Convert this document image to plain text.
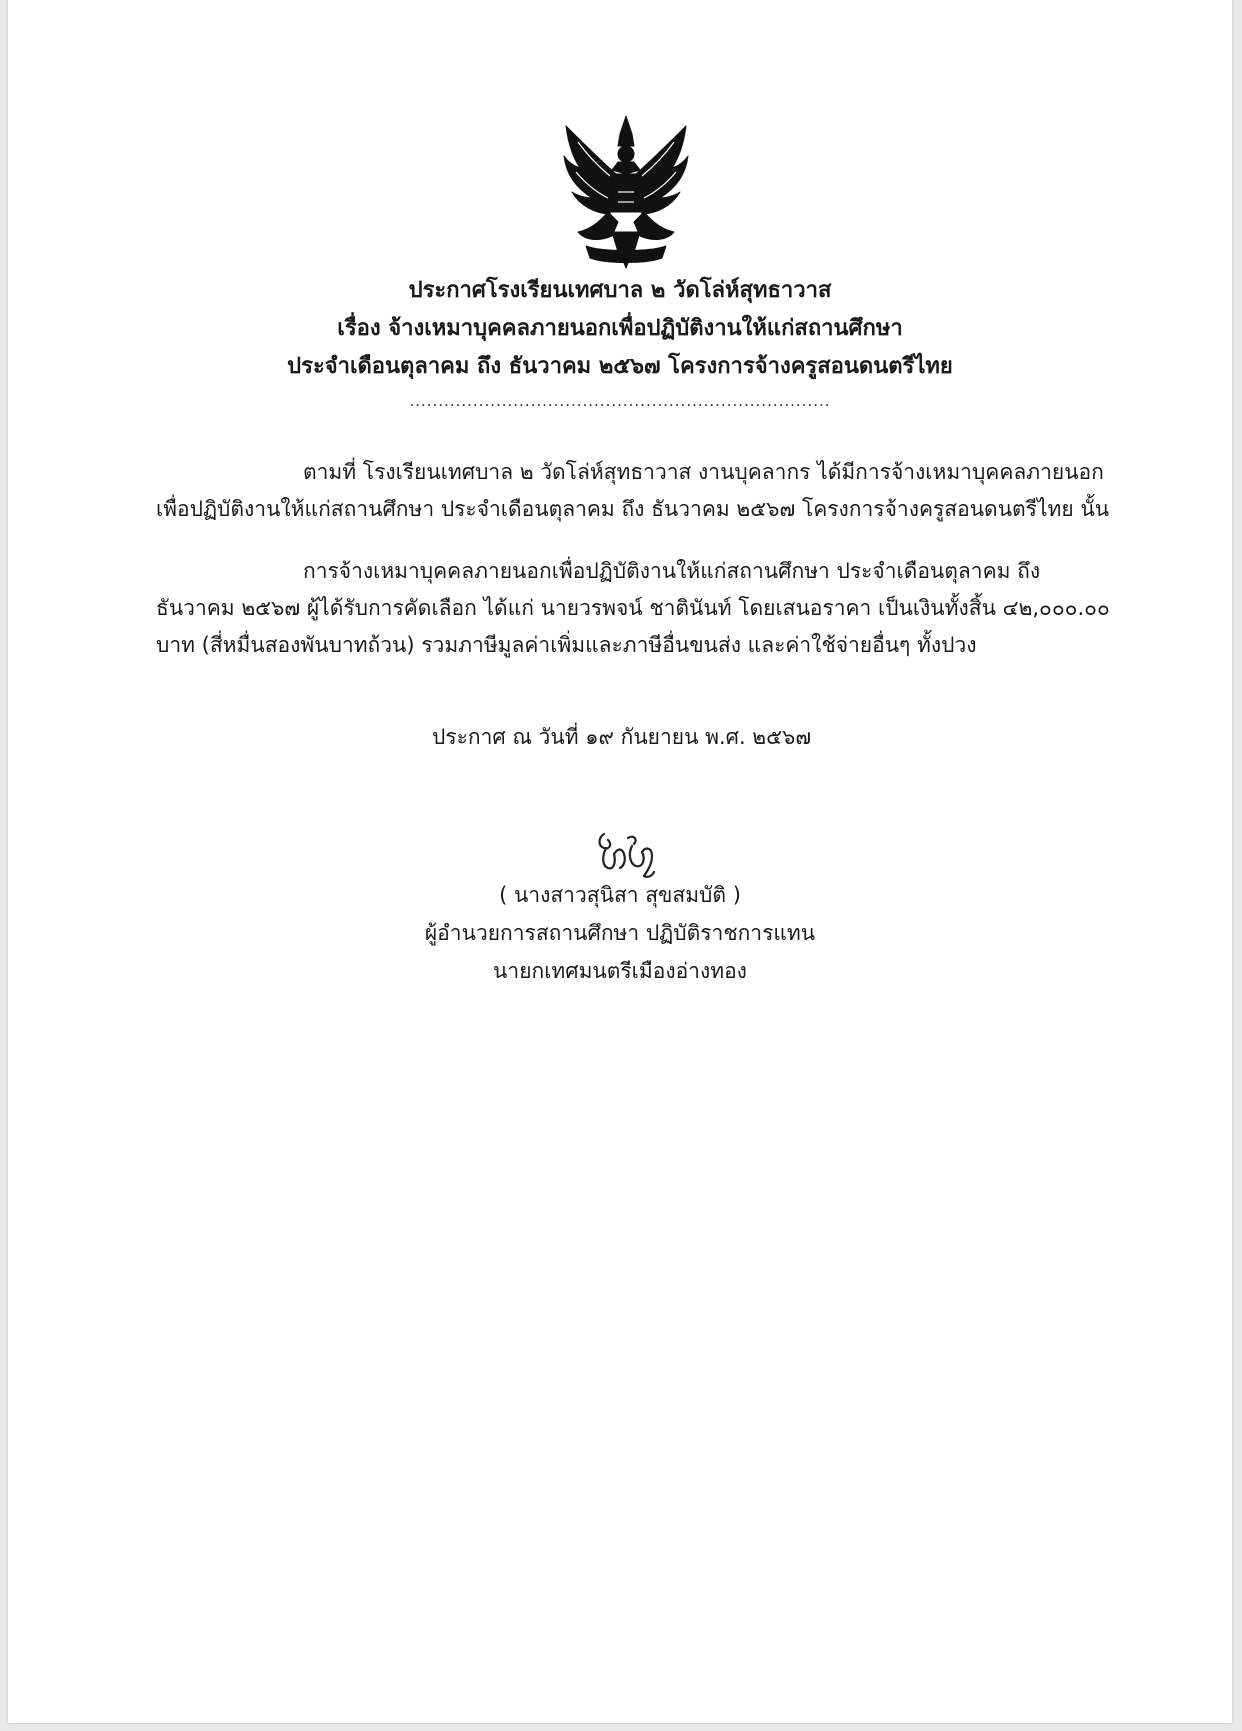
ประกาศโรงเรียนเทศบาล ๒ วัดโล่ห์สุทธาวาส
เรื่อง จ้างเหมาบุคคลภายนอกเพื่อปฏิบัติงานให้แก่สถานศึกษา
ประจำเดือนตุลาคม ถึง ธันวาคม ๒๕๖๗ โครงการจ้างครูสอนดนตรีไทย
.........................................................................
ตามที่ โรงเรียนเทศบาล ๒ วัดโล่ห์สุทธาวาส งานบุคลากร ได้มีการจ้างเหมาบุคคลภายนอก
เพื่อปฏิบัติงานให้แก่สถานศึกษา ประจำเดือนตุลาคม ถึง ธันวาคม ๒๕๖๗ โครงการจ้างครูสอนดนตรีไทย นั้น
การจ้างเหมาบุคคลภายนอกเพื่อปฏิบัติงานให้แก่สถานศึกษา ประจำเดือนตุลาคม ถึง
ธันวาคม ๒๕๖๗ ผู้ได้รับการคัดเลือก ได้แก่ นายวรพจน์ ชาตินันท์ โดยเสนอราคา เป็นเงินทั้งสิ้น ๔๒,๐๐๐.๐๐
บาท (สี่หมื่นสองพันบาทถ้วน) รวมภาษีมูลค่าเพิ่มและภาษีอื่นขนส่ง และค่าใช้จ่ายอื่นๆ ทั้งปวง
ประกาศ ณ วันที่ ๑๙ กันยายน พ.ศ. ๒๕๖๗
( นางสาวสุนิสา สุขสมบัติ )
ผู้อำนวยการสถานศึกษา ปฏิบัติราชการแทน
นายกเทศมนตรีเมืองอ่างทอง
